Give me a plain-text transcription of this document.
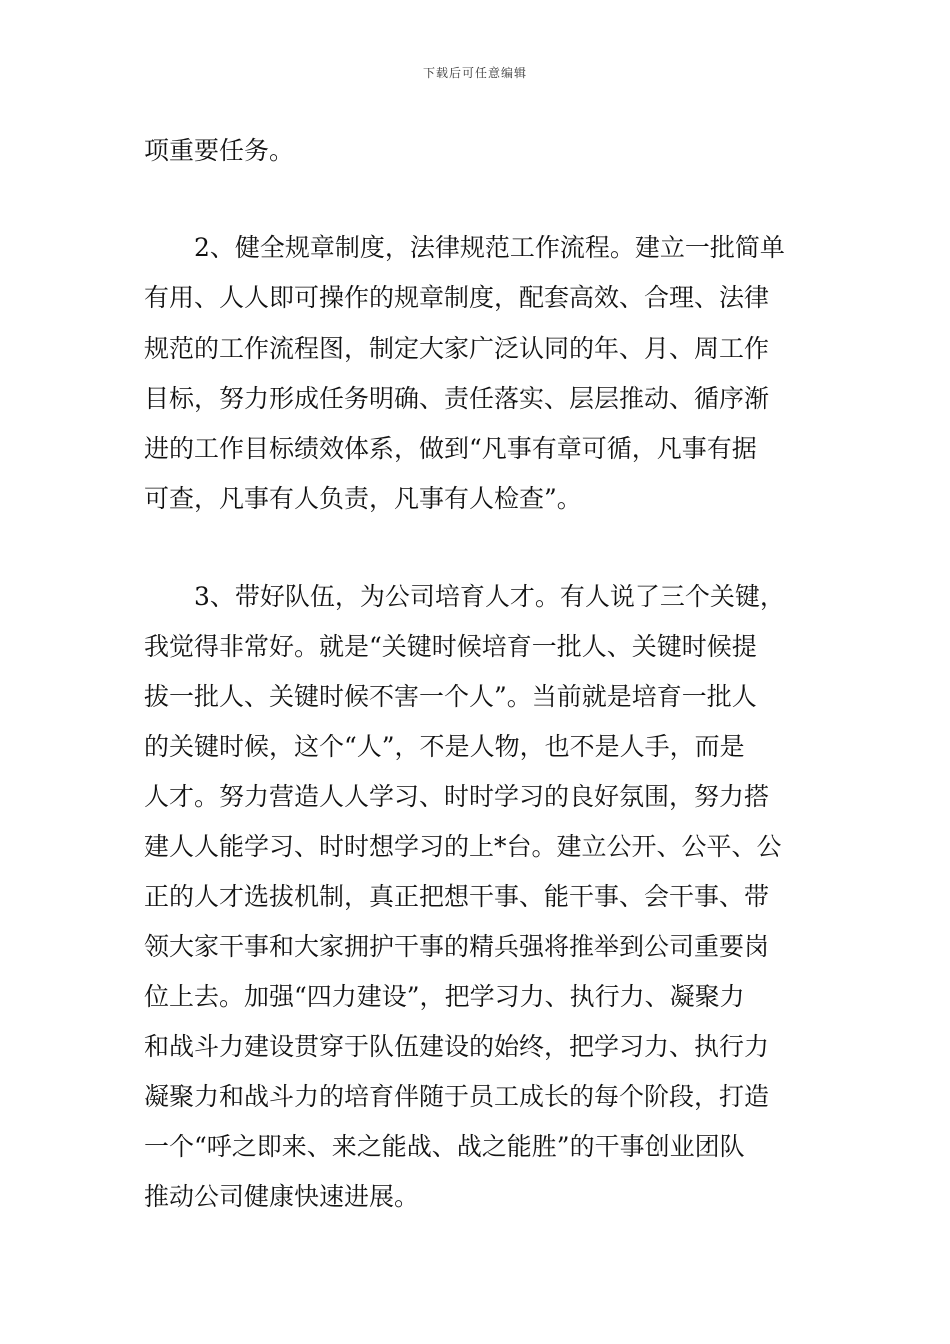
下载后可任意编辑
项重要任务。
2、健全规章制度，法律规范工作流程。建立一批简单
有用、人人即可操作的规章制度，配套高效、合理、法律
规范的工作流程图，制定大家广泛认同的年、月、周工作
目标，努力形成任务明确、责任落实、层层推动、循序渐
进的工作目标绩效体系，做到“凡事有章可循，凡事有据
可查，凡事有人负责，凡事有人检查”。
3、带好队伍，为公司培育人才。有人说了三个关键，
我觉得非常好。就是“关键时候培育一批人、关键时候提
拔一批人、关键时候不害一个人”。当前就是培育一批人
的关键时候，这个“人”，不是人物，也不是人手，而是
人才。努力营造人人学习、时时学习的良好氛围，努力搭
建人人能学习、时时想学习的上*台。建立公开、公平、公
正的人才选拔机制，真正把想干事、能干事、会干事、带
领大家干事和大家拥护干事的精兵强将推举到公司重要岗
位上去。加强“四力建设”，把学习力、执行力、凝聚力
和战斗力建设贯穿于队伍建设的始终，把学习力、执行力
凝聚力和战斗力的培育伴随于员工成长的每个阶段，打造
一个“呼之即来、来之能战、战之能胜”的干事创业团队
推动公司健康快速进展。
